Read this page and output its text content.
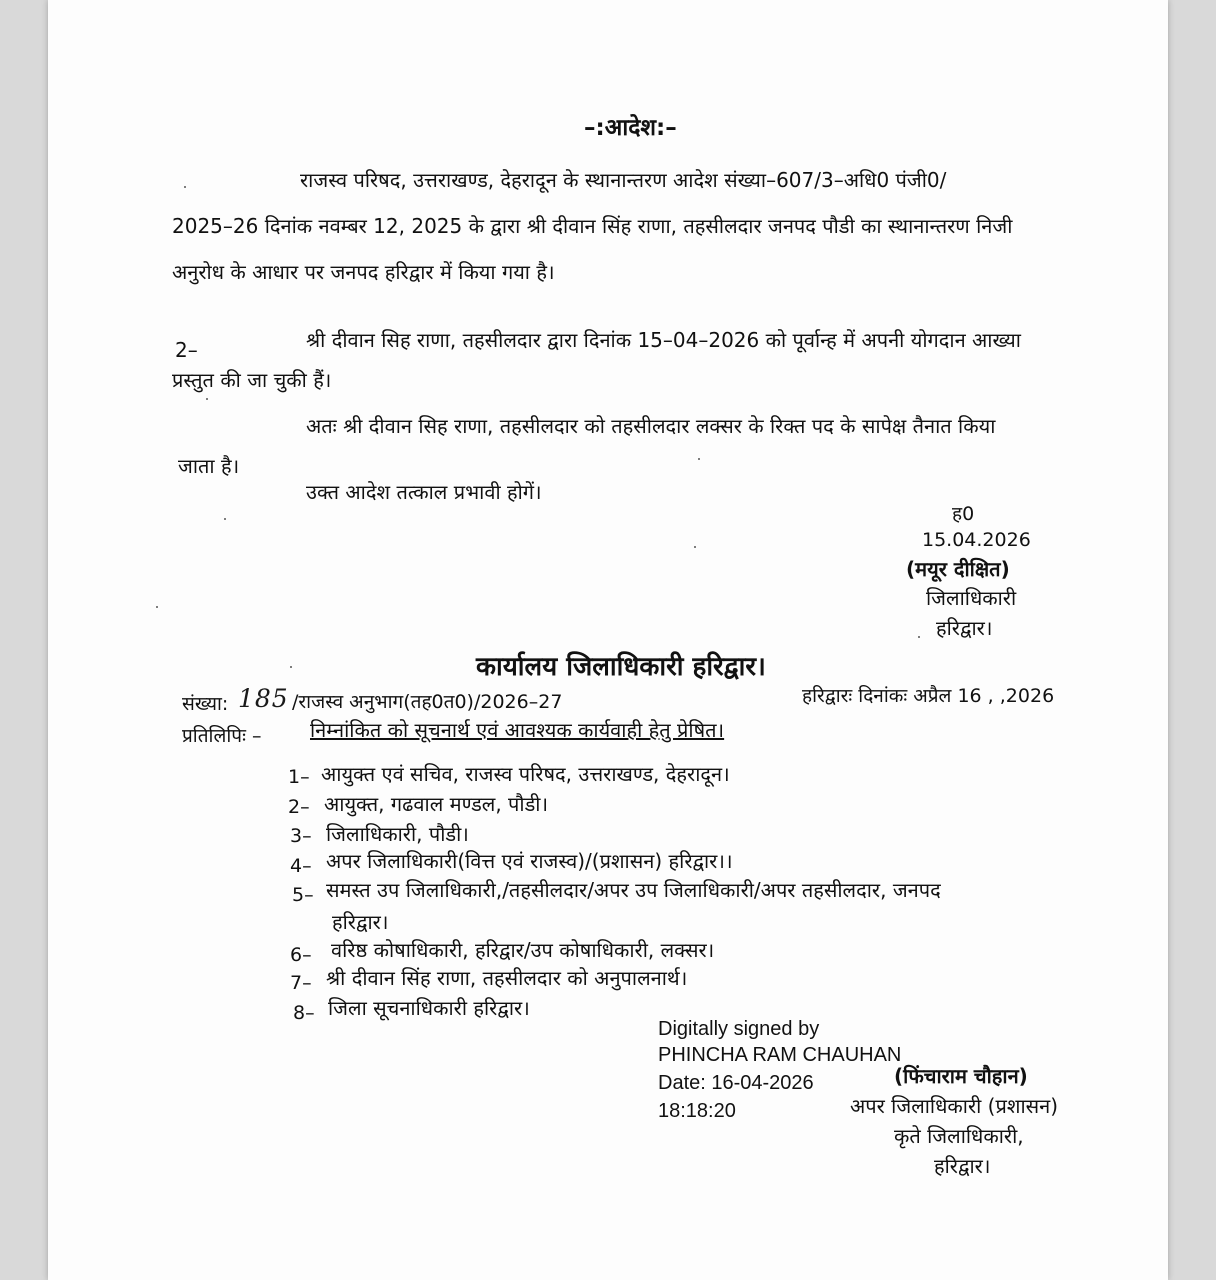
–:आदेश:–
राजस्व परिषद, उत्तराखण्ड, देहरादून के स्थानान्तरण आदेश संख्या–607/3–अधि0 पंजी0/
2025–26 दिनांक नवम्बर 12, 2025 के द्वारा श्री दीवान सिंह राणा, तहसीलदार जनपद पौडी का स्थानान्तरण निजी
अनुरोध के आधार पर जनपद हरिद्वार में किया गया है।
2–	श्री दीवान सिह राणा, तहसीलदार द्वारा दिनांक 15–04–2026 को पूर्वान्ह में अपनी योगदान आख्या
प्रस्तुत की जा चुकी हैं।
अतः श्री दीवान सिह राणा, तहसीलदार को तहसीलदार लक्सर के रिक्त पद के सापेक्ष तैनात किया
जाता है।
उक्त आदेश तत्काल प्रभावी होगें।
ह0
15.04.2026
(मयूर दीक्षित)
जिलाधिकारी
हरिद्वार।
कार्यालय जिलाधिकारी हरिद्वार।
संख्या: 185 /राजस्व अनुभाग(तह0त0)/2026–27	हरिद्वारः दिनांकः अप्रैल 16 , ,2026
प्रतिलिपिः – निम्नांकित को सूचनार्थ एवं आवश्यक कार्यवाही हेतु प्रेषित।
1– आयुक्त एवं सचिव, राजस्व परिषद, उत्तराखण्ड, देहरादून।
2– आयुक्त, गढवाल मण्डल, पौडी।
3– जिलाधिकारी, पौडी।
4– अपर जिलाधिकारी(वित्त एवं राजस्व)/(प्रशासन) हरिद्वार।।
5– समस्त उप जिलाधिकारी,/तहसीलदार/अपर उप जिलाधिकारी/अपर तहसीलदार, जनपद
हरिद्वार।
6– वरिष्ठ कोषाधिकारी, हरिद्वार/उप कोषाधिकारी, लक्सर।
7– श्री दीवान सिंह राणा, तहसीलदार को अनुपालनार्थ।
8– जिला सूचनाधिकारी हरिद्वार।
Digitally signed by
PHINCHA RAM CHAUHAN
Date: 16-04-2026
18:18:20
(फिंचाराम चौहान)
अपर जिलाधिकारी (प्रशासन)
कृते जिलाधिकारी,
हरिद्वार।
